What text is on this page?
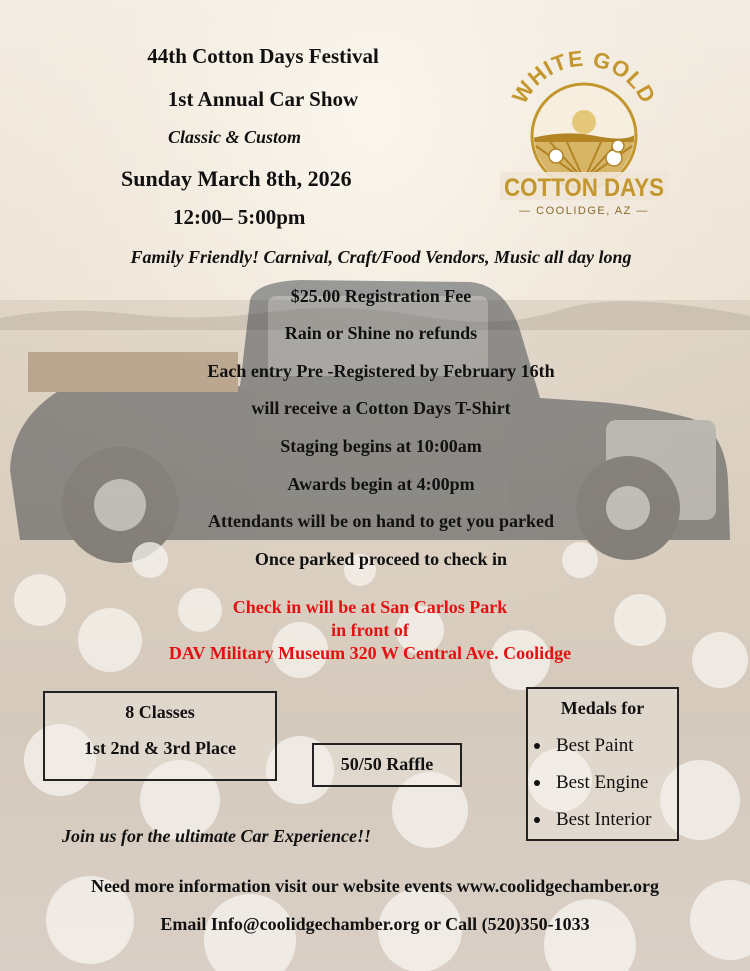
44th Cotton Days Festival
1st Annual Car Show
Classic & Custom
Sunday March 8th, 2026
12:00– 5:00pm
WHITE GOLD
COTTON DAYS
— COOLIDGE, AZ —
Family Friendly! Carnival, Craft/Food Vendors, Music all day long
$25.00 Registration Fee
Rain or Shine no refunds
Each entry Pre -Registered by February 16th
will receive a Cotton Days T-Shirt
Staging begins at 10:00am
Awards begin at 4:00pm
Attendants will be on hand to get you parked
Once parked proceed to check in
Check in will be at San Carlos Park
in front of
DAV Military Museum 320 W Central Ave. Coolidge
8 Classes
1st 2nd & 3rd Place
50/50 Raffle
Medals for
Best Paint
Best Engine
Best Interior
Join us for the ultimate Car Experience!!
Need more information visit our website events www.coolidgechamber.org
Email Info@coolidgechamber.org or Call (520)350-1033
